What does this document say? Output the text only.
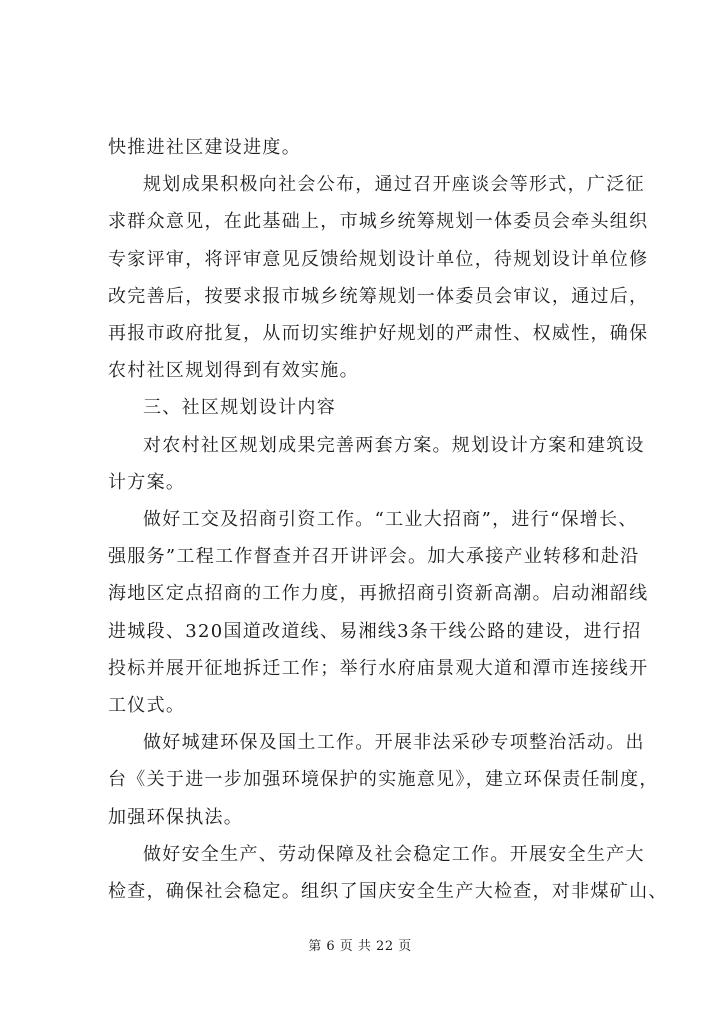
快推进社区建设进度。
规划成果积极向社会公布，通过召开座谈会等形式，广泛征
求群众意见，在此基础上，市城乡统筹规划一体委员会牵头组织
专家评审，将评审意见反馈给规划设计单位，待规划设计单位修
改完善后，按要求报市城乡统筹规划一体委员会审议，通过后，
再报市政府批复，从而切实维护好规划的严肃性、权威性，确保
农村社区规划得到有效实施。
三、社区规划设计内容
对农村社区规划成果完善两套方案。规划设计方案和建筑设
计方案。
做好工交及招商引资工作。“工业大招商”，进行“保增长、
强服务”工程工作督查并召开讲评会。加大承接产业转移和赴沿
海地区定点招商的工作力度，再掀招商引资新高潮。启动湘韶线
进城段、320国道改道线、易湘线3条干线公路的建设，进行招
投标并展开征地拆迁工作；举行水府庙景观大道和潭市连接线开
工仪式。
做好城建环保及国土工作。开展非法采砂专项整治活动。出
台《关于进一步加强环境保护的实施意见》，建立环保责任制度，
加强环保执法。
做好安全生产、劳动保障及社会稳定工作。开展安全生产大
检查，确保社会稳定。组织了国庆安全生产大检查，对非煤矿山、
第 6 页 共 22 页
